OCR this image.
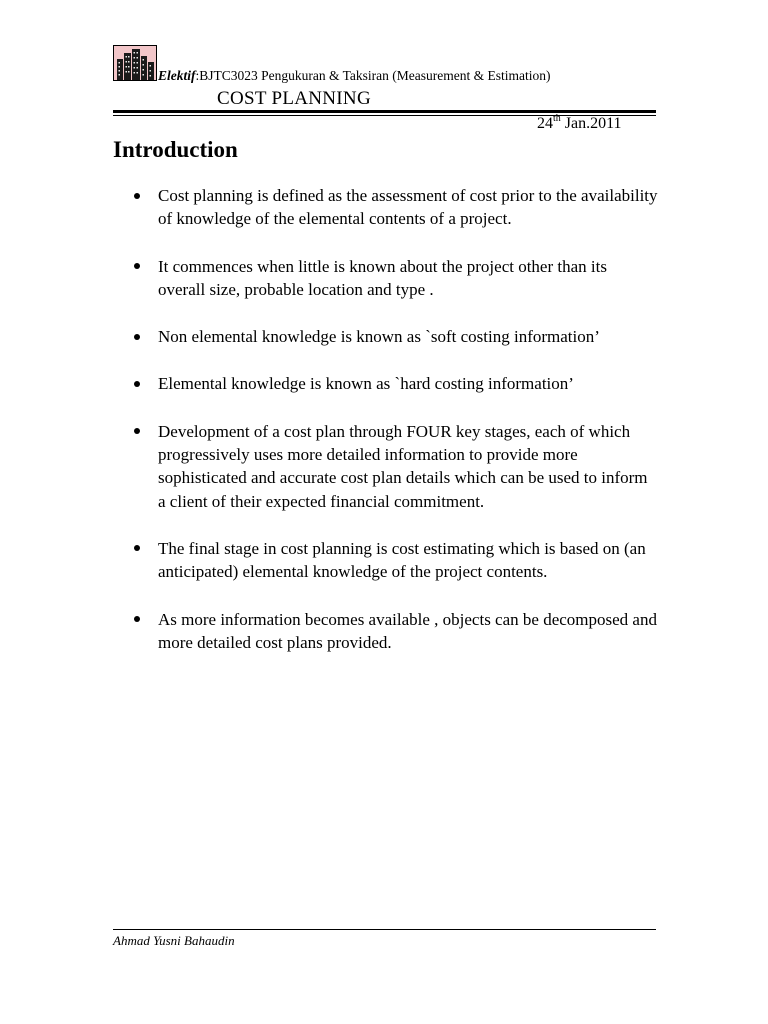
Elektif:BJTC3023 Pengukuran & Taksiran (Measurement & Estimation)
COST PLANNING
24th Jan.2011
Introduction
Cost planning is defined as the assessment of cost prior to the availability of knowledge of the elemental contents of a project.
It commences when little is known about the project other than its overall size, probable location and type .
Non elemental knowledge is known as `soft costing information’
Elemental knowledge is known as `hard costing information’
Development of a cost plan through FOUR key stages, each of which progressively uses more detailed information to provide more sophisticated and accurate cost plan details which can be used to inform a client of their expected financial commitment.
The final stage in cost planning is cost estimating which is based on (an anticipated) elemental knowledge of the project contents.
As more information becomes available , objects can be decomposed and more detailed cost plans provided.
Ahmad Yusni Bahaudin
